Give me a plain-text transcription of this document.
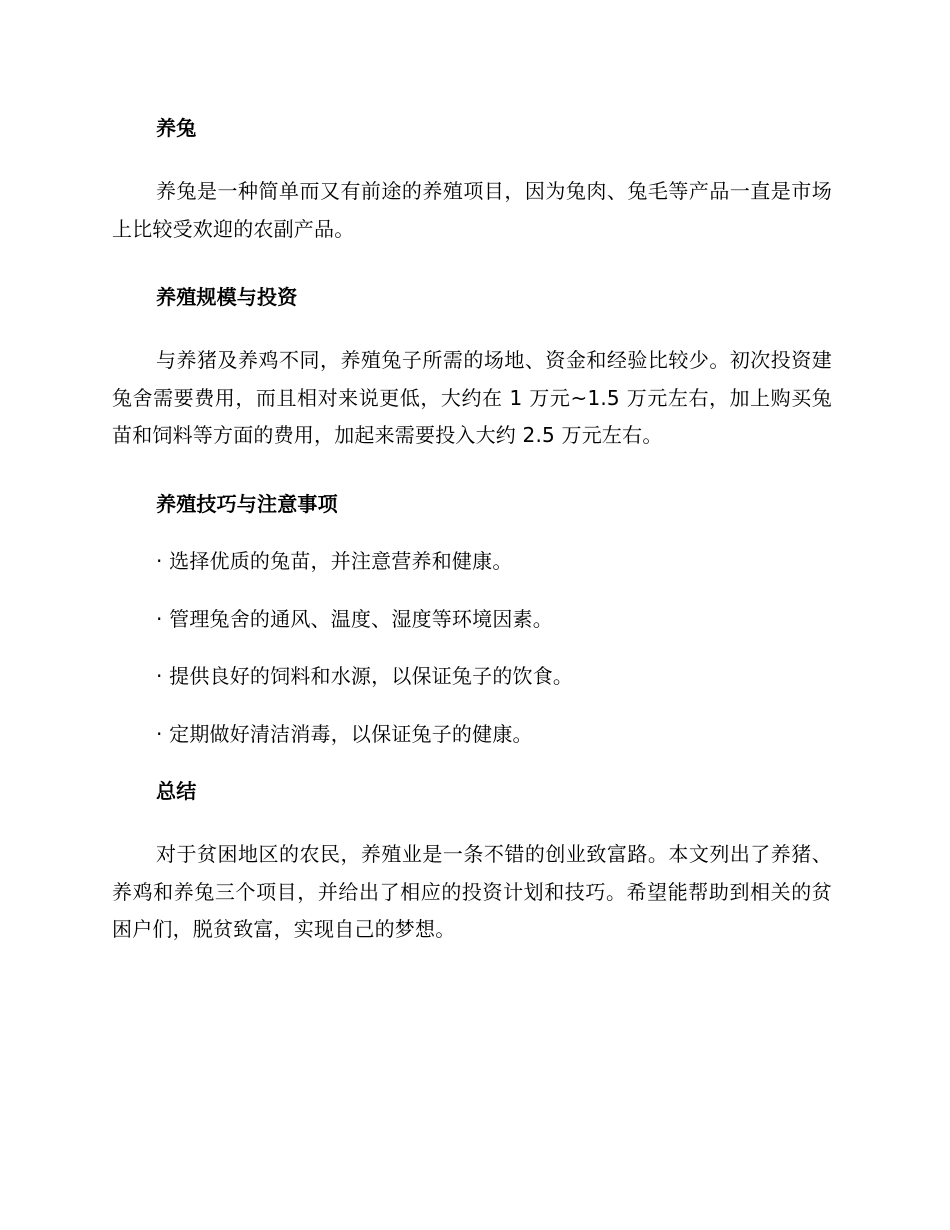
养兔

养兔是一种简单而又有前途的养殖项目，因为兔肉、兔毛等产品一直是市场上比较受欢迎的农副产品。

养殖规模与投资

与养猪及养鸡不同，养殖兔子所需的场地、资金和经验比较少。初次投资建兔舍需要费用，而且相对来说更低，大约在 1 万元~1.5 万元左右，加上购买兔苗和饲料等方面的费用，加起来需要投入大约 2.5 万元左右。

养殖技巧与注意事项

· 选择优质的兔苗，并注意营养和健康。

· 管理兔舍的通风、温度、湿度等环境因素。

· 提供良好的饲料和水源，以保证兔子的饮食。

· 定期做好清洁消毒，以保证兔子的健康。

总结

对于贫困地区的农民，养殖业是一条不错的创业致富路。本文列出了养猪、养鸡和养兔三个项目，并给出了相应的投资计划和技巧。希望能帮助到相关的贫困户们，脱贫致富，实现自己的梦想。
